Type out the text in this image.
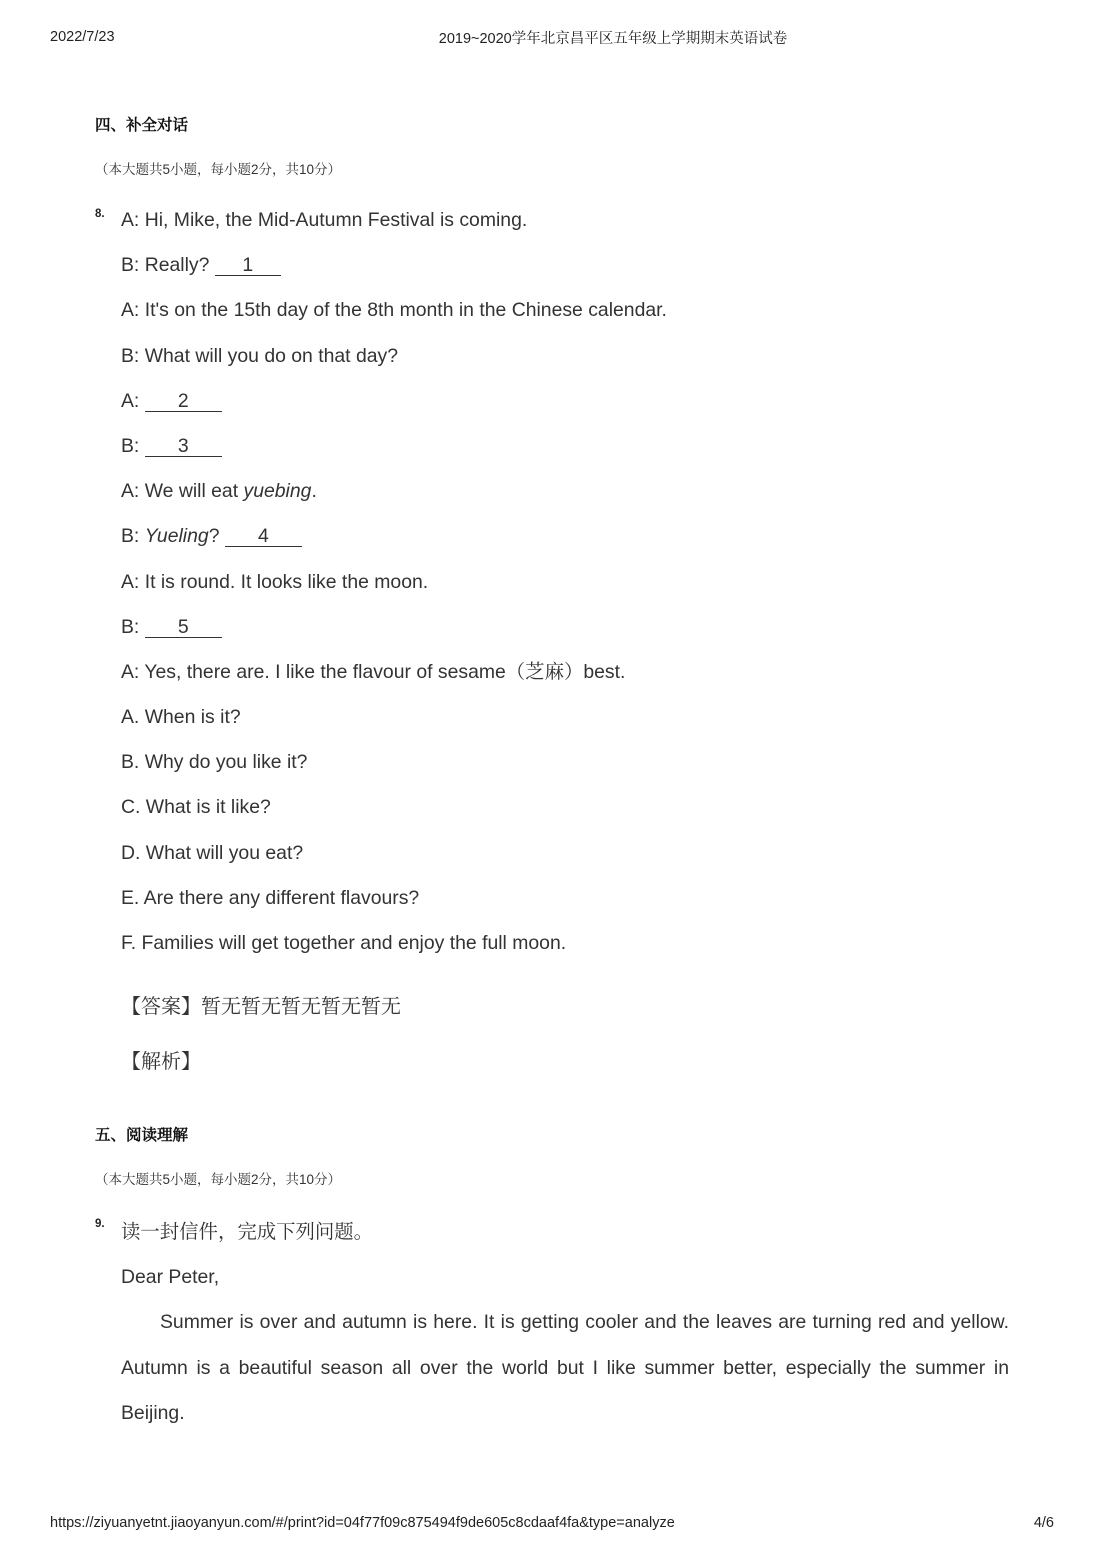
2022/7/23	2019~2020学年北京昌平区五年级上学期期末英语试卷
四、补全对话
（本大题共5小题，每小题2分，共10分）
8. A: Hi, Mike, the Mid-Autumn Festival is coming.
B: Really? 1
A: It's on the 15th day of the 8th month in the Chinese calendar.
B: What will you do on that day?
A: 2
B: 3
A: We will eat yuebing.
B: Yueling? 4
A: It is round. It looks like the moon.
B: 5
A: Yes, there are. I like the flavour of sesame（芝麻）best.
A. When is it?
B. Why do you like it?
C. What is it like?
D. What will you eat?
E. Are there any different flavours?
F. Families will get together and enjoy the full moon.
【答案】暂无暂无暂无暂无暂无
【解析】
五、阅读理解
（本大题共5小题，每小题2分，共10分）
9. 读一封信件，完成下列问题。
Dear Peter,
Summer is over and autumn is here. It is getting cooler and the leaves are turning red and yellow.
Autumn is a beautiful season all over the world but I like summer better, especially the summer in
Beijing.
https://ziyuanyetnt.jiaoyanyun.com/#/print?id=04f77f09c875494f9de605c8cdaaf4fa&type=analyze	4/6
